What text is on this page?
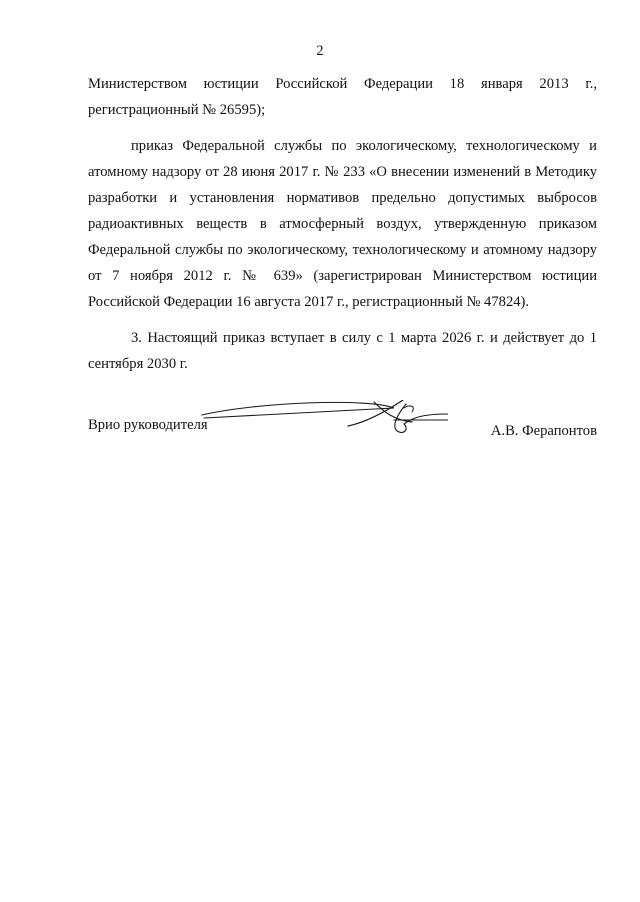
2

Министерством юстиции Российской Федерации 18 января 2013 г., регистрационный № 26595);

приказ Федеральной службы по экологическому, технологическому и атомному надзору от 28 июня 2017 г. № 233 «О внесении изменений в Методику разработки и установления нормативов предельно допустимых выбросов радиоактивных веществ в атмосферный воздух, утвержденную приказом Федеральной службы по экологическому, технологическому и атомному надзору от 7 ноября 2012 г. № 639» (зарегистрирован Министерством юстиции Российской Федерации 16 августа 2017 г., регистрационный № 47824).

3. Настоящий приказ вступает в силу с 1 марта 2026 г. и действует до 1 сентября 2030 г.

Врио руководителя	А.В. Ферапонтов
